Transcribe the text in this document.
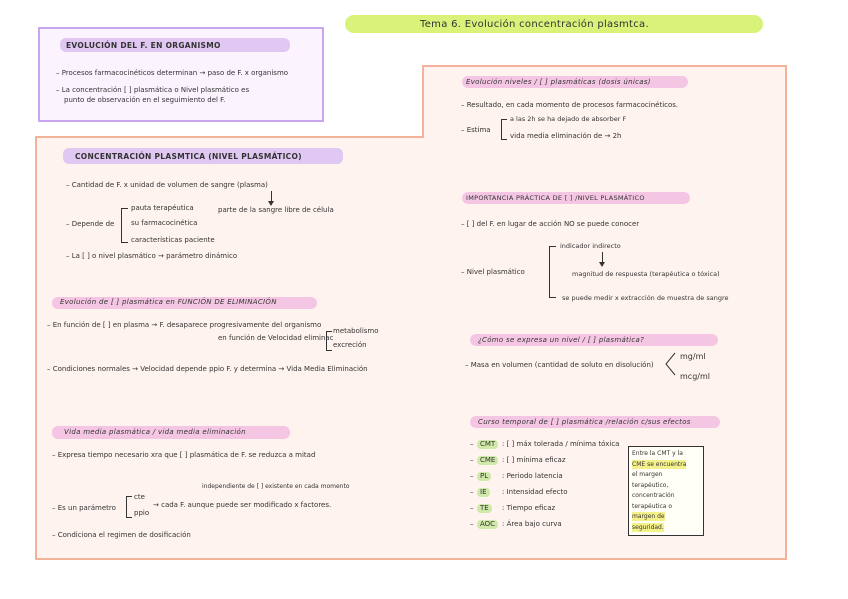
Tema 6. Evolución concentración plasmtca.
EVOLUCIÓN DEL F. EN ORGANISMO
– Procesos farmacocinéticos determinan → paso de F. x organismo
– La concentración [ ] plasmática o Nivel plasmático es
punto de observación en el seguimiento del F.
CONCENTRACIÓN PLASMTICA (NIVEL PLASMÁTICO)
– Cantidad de F. x unidad de volumen de sangre (plasma)
parte de la sangre libre de célula
– Depende de
pauta terapéutica
su farmacocinética
características paciente
– La [ ] o nivel plasmático → parámetro dinámico
Evolución de [ ] plasmática en FUNCIÓN DE ELIMINACIÓN
– En función de [ ] en plasma → F. desaparece progresivamente del organismo
en función de Velocidad eliminac
metabolismo
excreción
– Condiciones normales → Velocidad depende ppio F. y determina → Vida Media Eliminación
Vida media plasmática / vida media eliminación
– Expresa tiempo necesario xra que [ ] plasmática de F. se reduzca a mitad
independiente de [ ] existente en cada momento
– Es un parámetro
cte
ppio
→ cada F. aunque puede ser modificado x factores.
– Condiciona el regimen de dosificación
Evolución niveles / [ ] plasmáticas (dosis únicas)
– Resultado, en cada momento de procesos farmacocinéticos.
– Estima
a las 2h se ha dejado de absorber F
vida media eliminación de → 2h
IMPORTANCIA PRÁCTICA DE [ ] /NIVEL PLASMÁTICO
– [ ] del F. en lugar de acción NO se puede conocer
– Nivel plasmático
indicador indirecto
magnitud de respuesta (terapéutica o tóxica)
se puede medir x extracción de muestra de sangre
¿Cómo se expresa un nivel / [ ] plasmática?
– Masa en volumen (cantidad de soluto en disolución)
mg/ml
mcg/ml
Curso temporal de [ ] plasmática /relación c/sus efectos
– CMT : [ ] máx tolerada / mínima tóxica
– CME : [ ] mínima eficaz
– PL	: Periodo latencia
– IE	: Intensidad efecto
– TE	: Tiempo eficaz
– AOC : Área bajo curva
Entre la CMT y la
CME se encuentra
el margen
terapéutico,
concentración
terapéutica o
margen de
seguridad.
